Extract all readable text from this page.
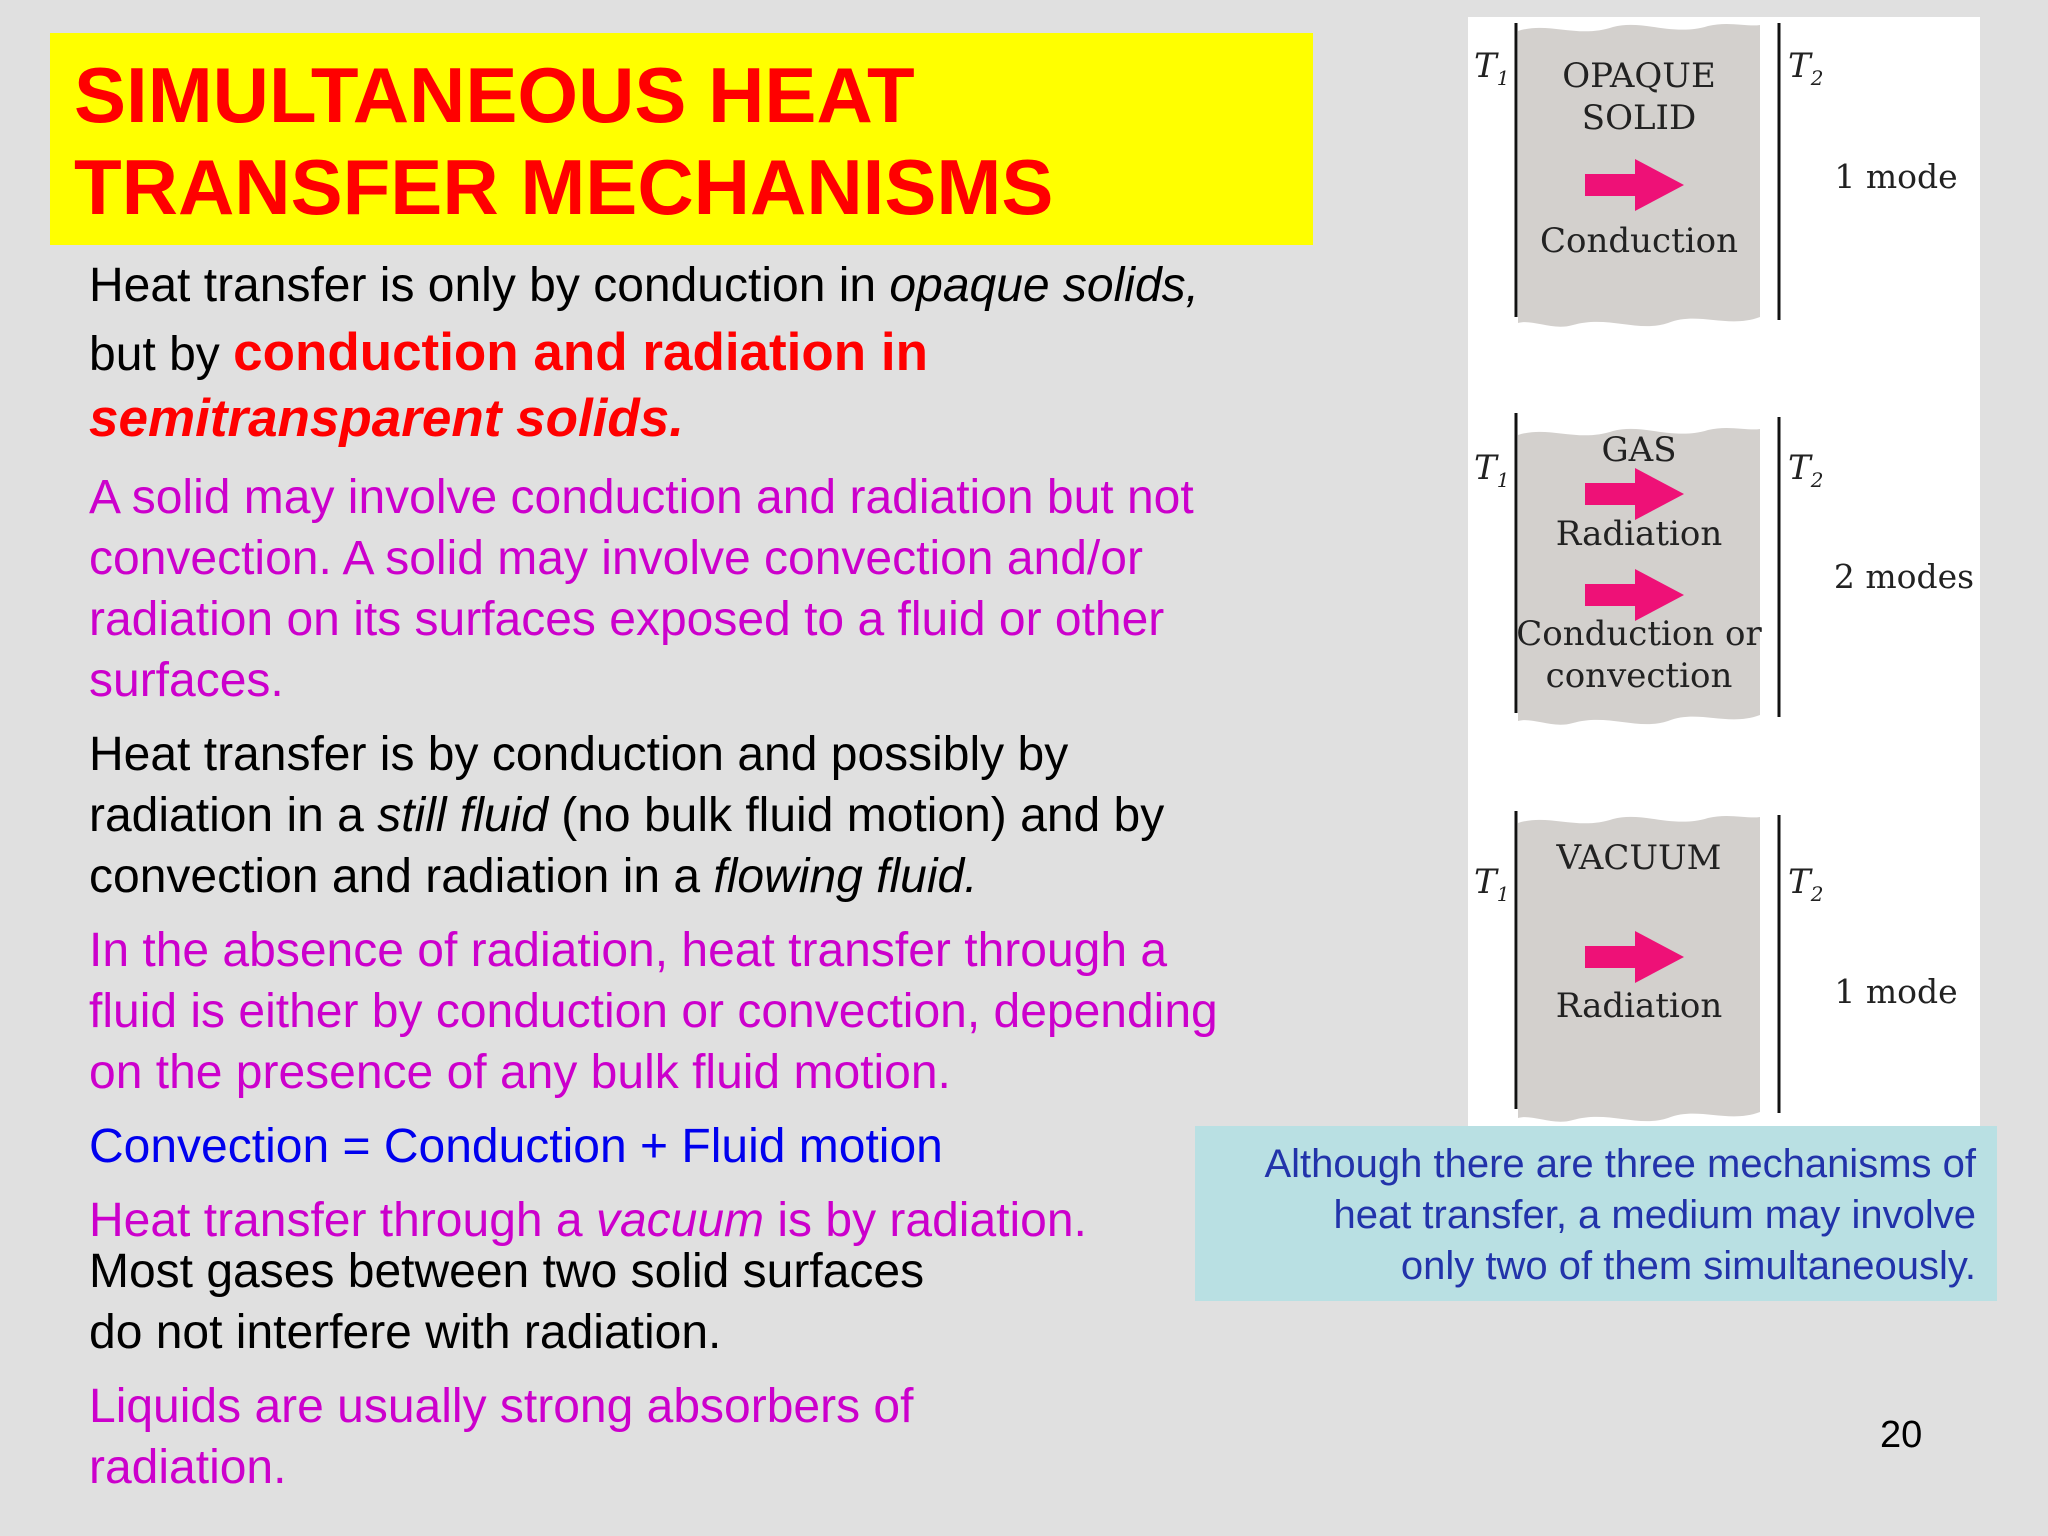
SIMULTANEOUS HEAT
TRANSFER MECHANISMS
Heat transfer is only by conduction in opaque solids,
but by conduction and radiation in
semitransparent solids.
A solid may involve conduction and radiation but not
convection. A solid may involve convection and/or
radiation on its surfaces exposed to a fluid or other
surfaces.
Heat transfer is by conduction and possibly by
radiation in a still fluid (no bulk fluid motion) and by
convection and radiation in a flowing fluid.
In the absence of radiation, heat transfer through a
fluid is either by conduction or convection, depending
on the presence of any bulk fluid motion.
Convection = Conduction + Fluid motion
Heat transfer through a vacuum is by radiation.
Most gases between two solid surfaces
do not interfere with radiation.
Liquids are usually strong absorbers of
radiation.
$T_1$	$T_2$
OPAQUE
SOLID
Conduction
1 mode
$T_1$	$T_2$
GAS
Radiation
Conduction or
convection
2 modes
$T_1$	$T_2$
VACUUM
Radiation	1 mode
Although there are three mechanisms of
heat transfer, a medium may involve
only two of them simultaneously.
20
